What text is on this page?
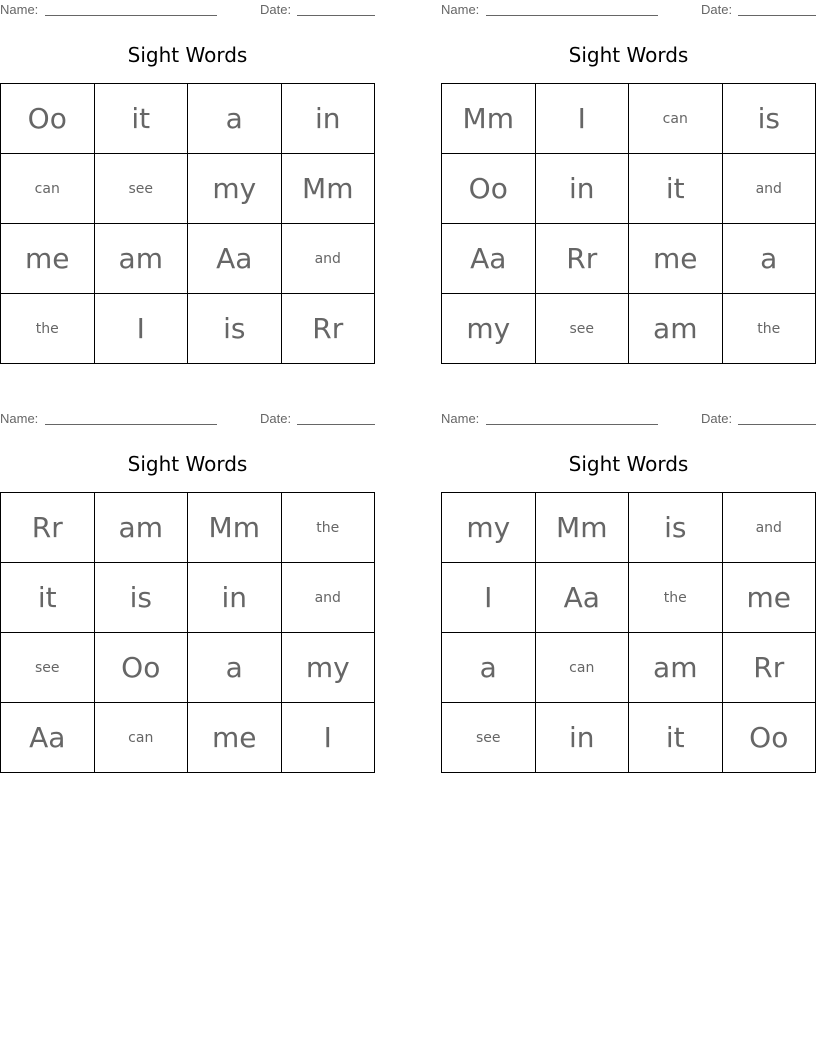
Name:	Date:
Sight Words
Oo	it	a	in
can	see	my	Mm
me	am	Aa	and
the	I	is	Rr
Name:	Date:
Sight Words
Mm	I	can	is
Oo	in	it	and
Aa	Rr	me	a
my	see	am	the
Name:	Date:
Sight Words
Rr	am	Mm	the
it	is	in	and
see	Oo	a	my
Aa	can	me	I
Name:	Date:
Sight Words
my	Mm	is	and
I	Aa	the	me
a	can	am	Rr
see	in	it	Oo
